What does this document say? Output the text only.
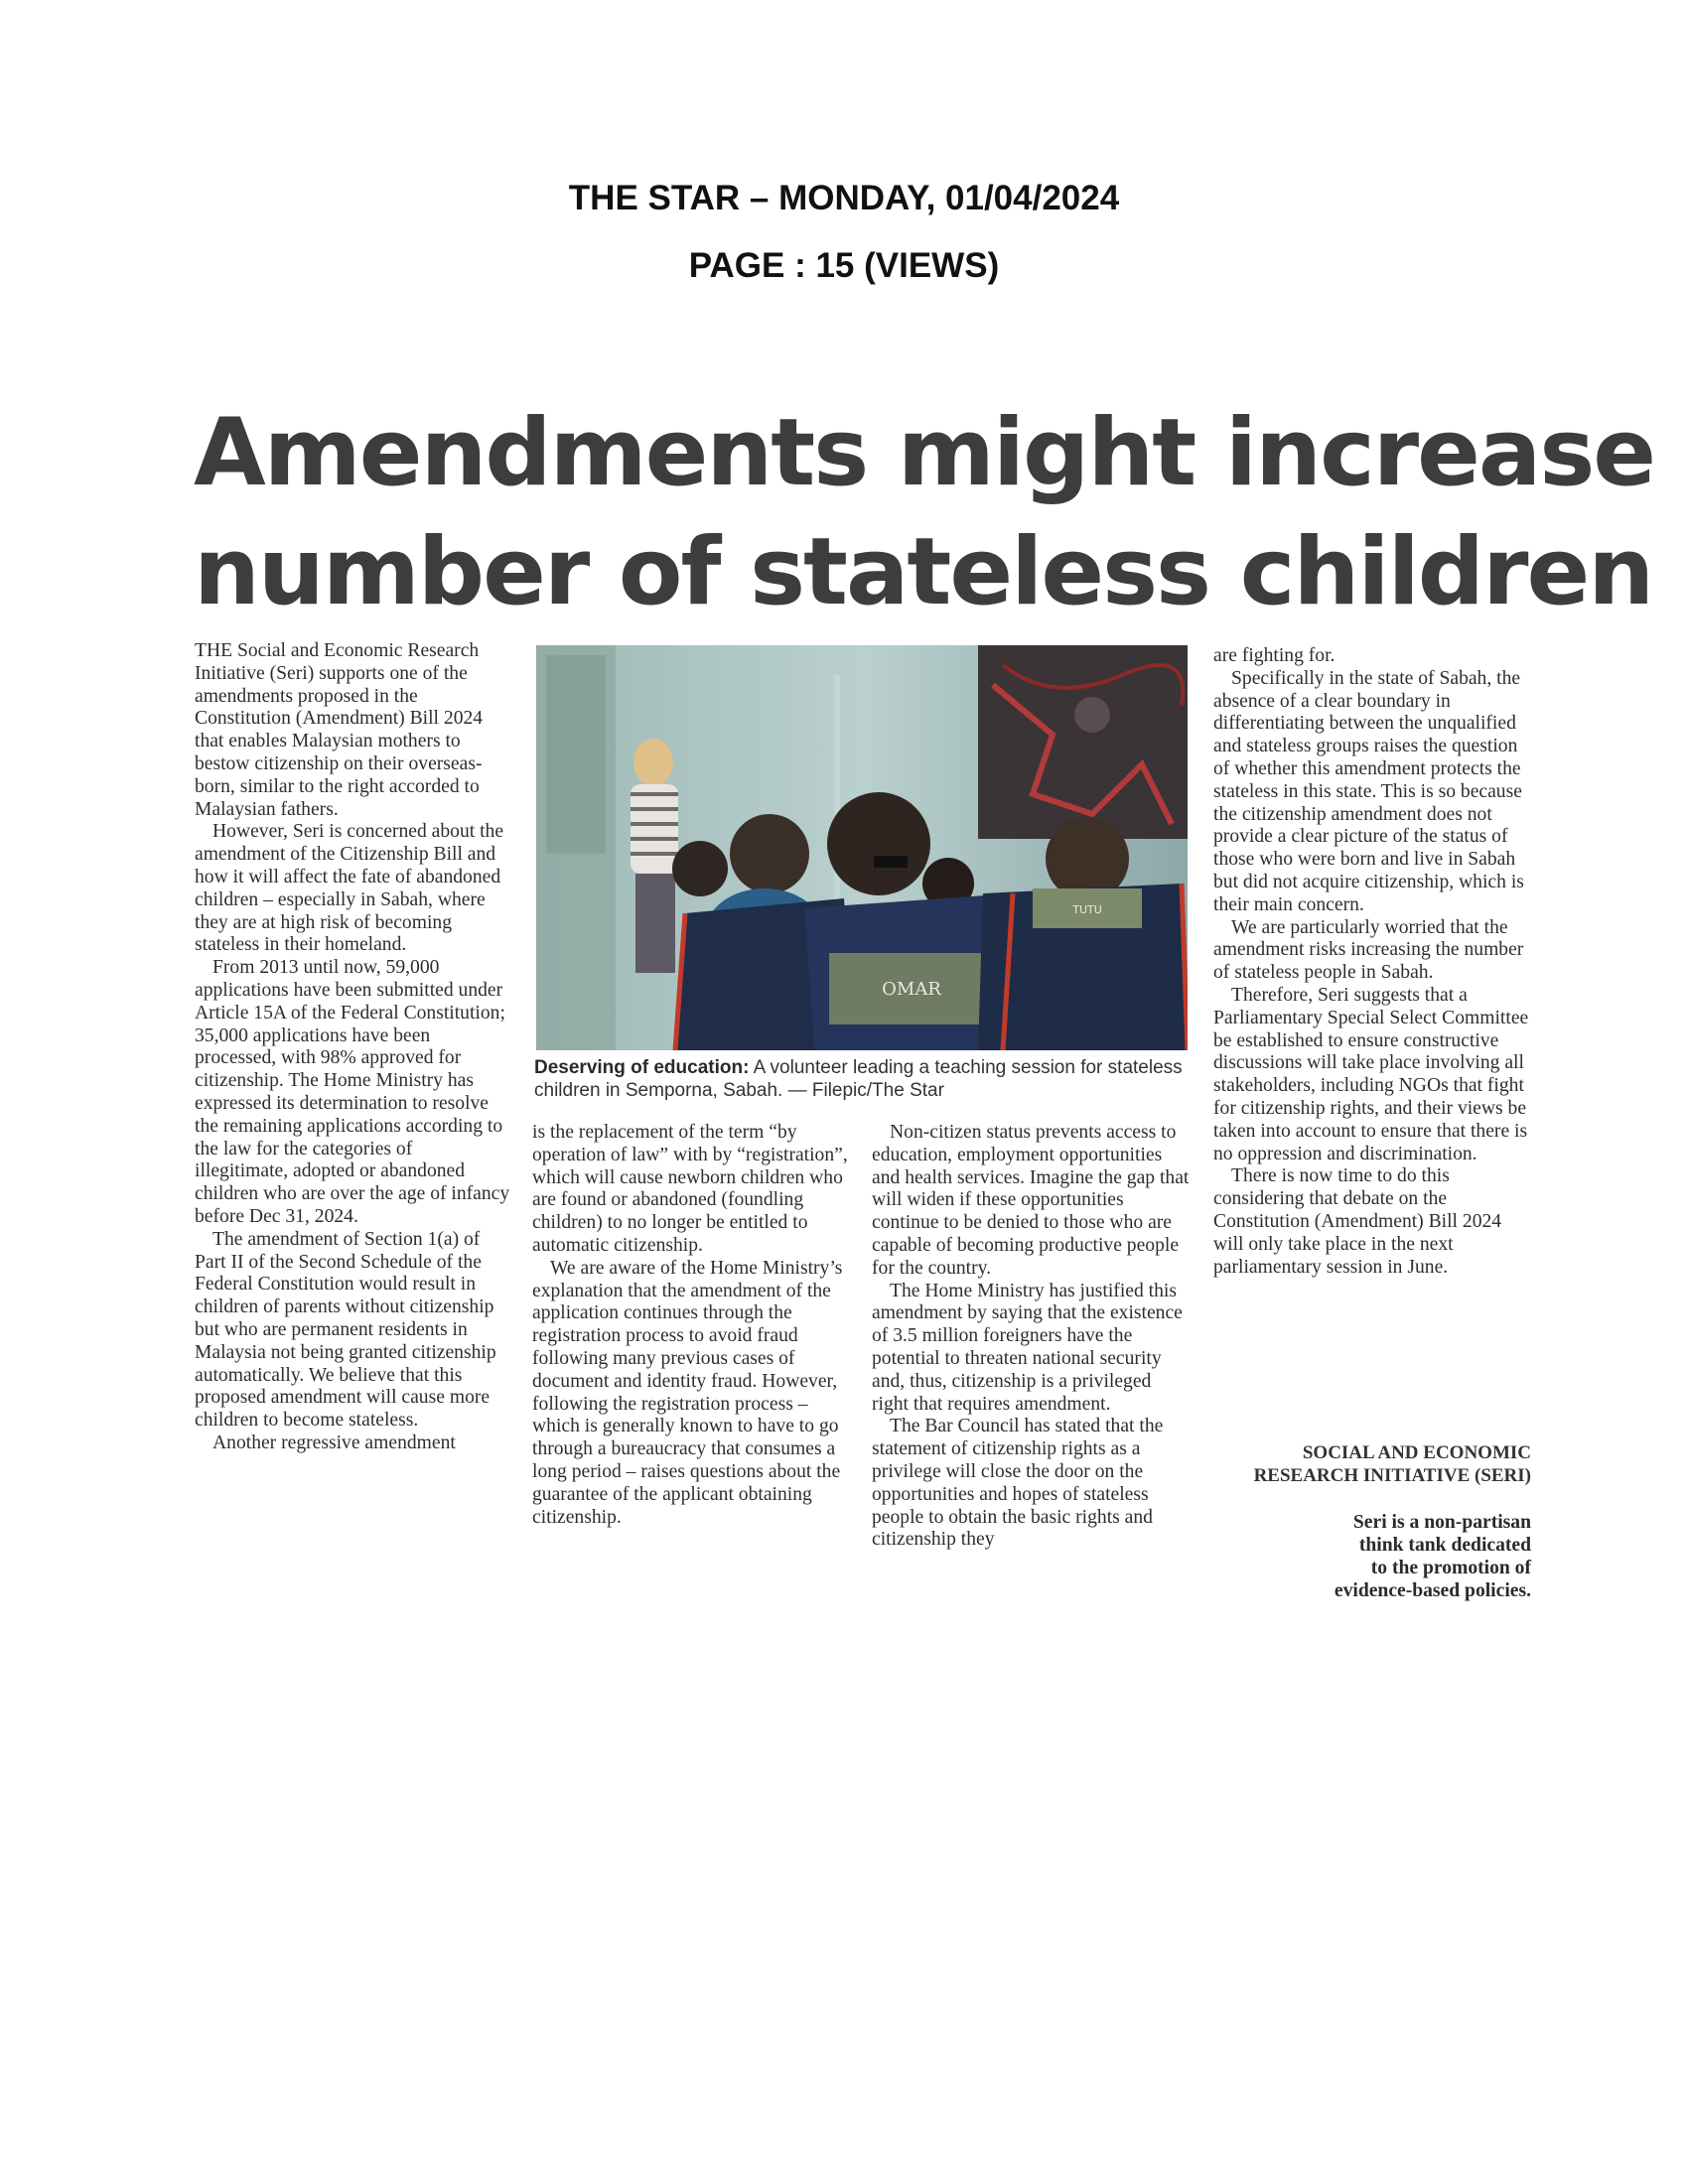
THE STAR – MONDAY, 01/04/2024
PAGE : 15 (VIEWS)
Amendments might increase
number of stateless children

THE Social and Economic Research Initiative (Seri) supports one of the amendments proposed in the Constitution (Amendment) Bill 2024 that enables Malaysian mothers to bestow citizenship on their overseas-born, similar to the right accorded to Malaysian fathers.

However, Seri is concerned about the amendment of the Citizenship Bill and how it will affect the fate of abandoned children – especially in Sabah, where they are at high risk of becoming stateless in their homeland.

From 2013 until now, 59,000 applications have been submitted under Article 15A of the Federal Constitution; 35,000 applications have been processed, with 98% approved for citizenship. The Home Ministry has expressed its determination to resolve the remaining applications according to the law for the categories of illegitimate, adopted or abandoned children who are over the age of infancy before Dec 31, 2024.

The amendment of Section 1(a) of Part II of the Second Schedule of the Federal Constitution would result in children of parents without citizenship but who are permanent residents in Malaysia not being granted citizenship automatically. We believe that this proposed amendment will cause more children to become stateless.

Another regressive amendment

OMAR
TUTU
Deserving of education: A volunteer leading a teaching session for stateless children in Semporna, Sabah. — Filepic/The Star

is the replacement of the term “by operation of law” with by “registration”, which will cause newborn children who are found or abandoned (foundling children) to no longer be entitled to automatic citizenship.

We are aware of the Home Ministry’s explanation that the amendment of the application continues through the registration process to avoid fraud following many previous cases of document and identity fraud. However, following the registration process – which is generally known to have to go through a bureaucracy that consumes a long period – raises questions about the guarantee of the applicant obtaining citizenship.

Non-citizen status prevents access to education, employment opportunities and health services. Imagine the gap that will widen if these opportunities continue to be denied to those who are capable of becoming productive people for the country.

The Home Ministry has justified this amendment by saying that the existence of 3.5 million foreigners have the potential to threaten national security and, thus, citizenship is a privileged right that requires amendment.

The Bar Council has stated that the statement of citizenship rights as a privilege will close the door on the opportunities and hopes of stateless people to obtain the basic rights and citizenship they

are fighting for.

Specifically in the state of Sabah, the absence of a clear boundary in differentiating between the unqualified and stateless groups raises the question of whether this amendment protects the stateless in this state. This is so because the citizenship amendment does not provide a clear picture of the status of those who were born and live in Sabah but did not acquire citizenship, which is their main concern.

We are particularly worried that the amendment risks increasing the number of stateless people in Sabah.

Therefore, Seri suggests that a Parliamentary Special Select Committee be established to ensure constructive discussions will take place involving all stakeholders, including NGOs that fight for citizenship rights, and their views be taken into account to ensure that there is no oppression and discrimination.

There is now time to do this considering that debate on the Constitution (Amendment) Bill 2024 will only take place in the next parliamentary session in June.

SOCIAL AND ECONOMIC
RESEARCH INITIATIVE (SERI)
Seri is a non-partisan
think tank dedicated
to the promotion of
evidence-based policies.
